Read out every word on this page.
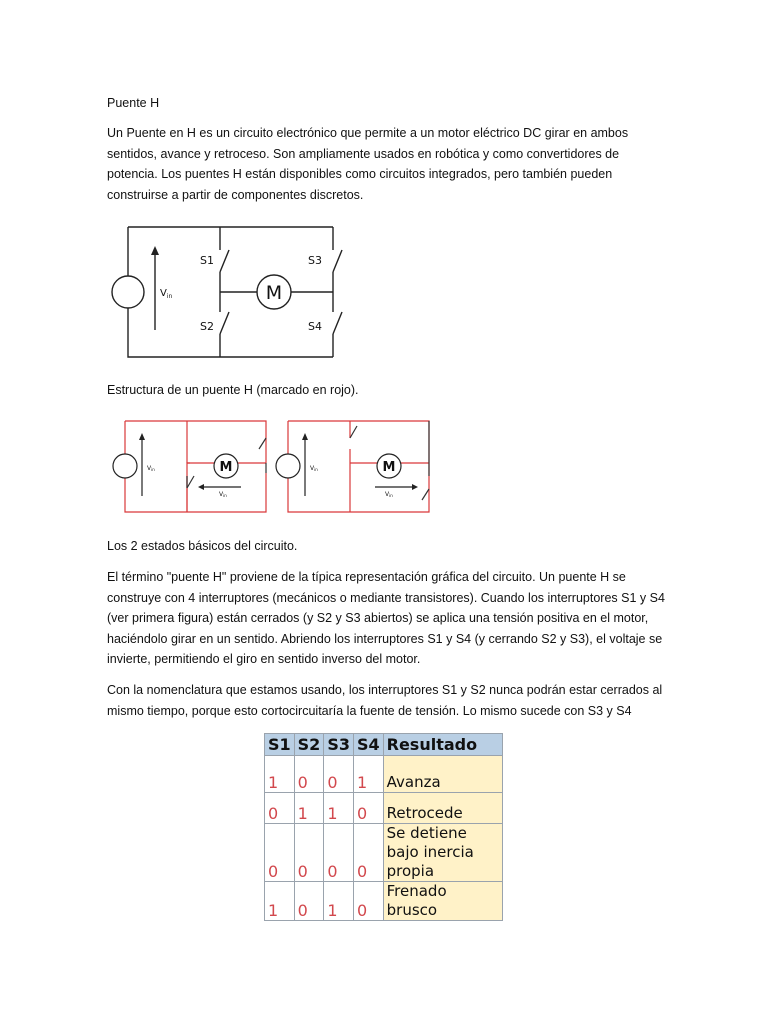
Puente H

Un Puente en H es un circuito electrónico que permite a un motor eléctrico DC girar en ambos sentidos, avance y retroceso. Son ampliamente usados en robótica y como convertidores de potencia. Los puentes H están disponibles como circuitos integrados, pero también pueden construirse a partir de componentes discretos.

M
$V_{in}$
S1
S2
S3
S4

Estructura de un puente H (marcado en rojo).

M
Vin
Vin
M
Vin
Vin

Los 2 estados básicos del circuito.

El término "puente H" proviene de la típica representación gráfica del circuito. Un puente H se construye con 4 interruptores (mecánicos o mediante transistores). Cuando los interruptores S1 y S4 (ver primera figura) están cerrados (y S2 y S3 abiertos) se aplica una tensión positiva en el motor, haciéndolo girar en un sentido. Abriendo los interruptores S1 y S4 (y cerrando S2 y S3), el voltaje se invierte, permitiendo el giro en sentido inverso del motor.

Con la nomenclatura que estamos usando, los interruptores S1 y S2 nunca podrán estar cerrados al mismo tiempo, porque esto cortocircuitaría la fuente de tensión. Lo mismo sucede con S3 y S4

S1	S2	S3	S4	Resultado
1	0	0	1	Avanza
0	1	1	0	Retrocede
0	0	0	0	Se detiene bajo inercia propia
1	0	1	0	Frenado brusco
